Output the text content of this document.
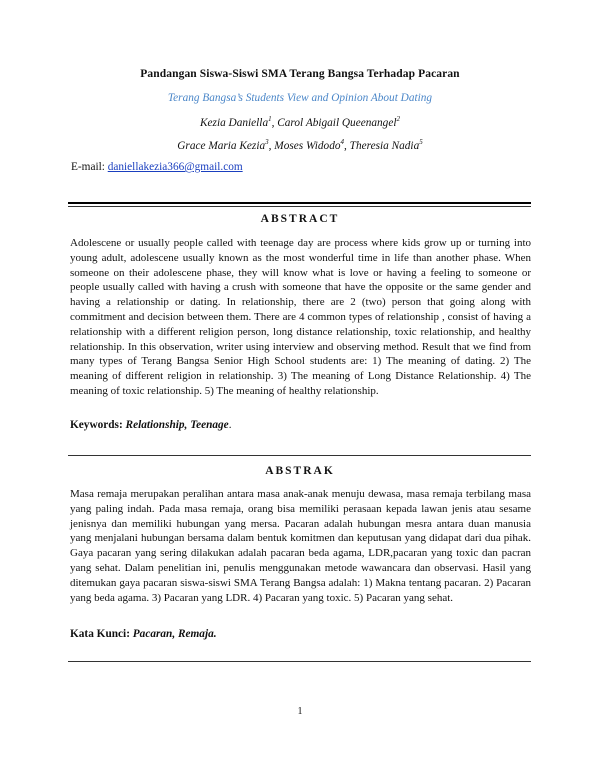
Pandangan Siswa-Siswi SMA Terang Bangsa Terhadap Pacaran
Terang Bangsa’s Students View and Opinion About Dating
Kezia Daniella$^1$, Carol Abigail Queenangel$^2$
Grace Maria Kezia$^3$, Moses Widodo$^4$, Theresia Nadia$^5$
E-mail: daniellakezia366@gmail.com
ABSTRACT

Adolescene or usually people called with teenage day are process where kids grow up or turning into young adult, adolescene usually known as the most wonderful time in life than another phase. When someone on their adolescene phase, they will know what is love or having a feeling to someone or people usually called with having a crush with someone that have the opposite or the same gender and having a relationship or dating. In relationship, there are 2 (two) person that going along with commitment and decision between them. There are 4 common types of relationship , consist of having a relationship with a different religion person, long distance relationship, toxic relationship, and healthy relationship. In this observation, writer using interview and observing method. Result that we find from many types of Terang Bangsa Senior High School students are: 1) The meaning of dating. 2) The meaning of different religion in relationship. 3) The meaning of Long Distance Relationship. 4) The meaning of toxic relationship. 5) The meaning of healthy relationship.

Keywords: Relationship, Teenage.
ABSTRAK

Masa remaja merupakan peralihan antara masa anak-anak menuju dewasa, masa remaja terbilang masa yang paling indah. Pada masa remaja, orang bisa memiliki perasaan kepada lawan jenis atau sesame jenisnya dan memiliki hubungan yang mersa. Pacaran adalah hubungan mesra antara duan manusia yang menjalani hubungan bersama dalam bentuk komitmen dan keputusan yang didapat dari dua pihak. Gaya pacaran yang sering dilakukan adalah pacaran beda agama, LDR,pacaran yang toxic dan pacran yang sehat. Dalam penelitian ini, penulis menggunakan metode wawancara dan observasi. Hasil yang ditemukan gaya pacaran siswa-siswi SMA Terang Bangsa adalah: 1) Makna tentang pacaran. 2) Pacaran yang beda agama. 3) Pacaran yang LDR. 4) Pacaran yang toxic. 5) Pacaran yang sehat.

Kata Kunci: Pacaran, Remaja.
1
